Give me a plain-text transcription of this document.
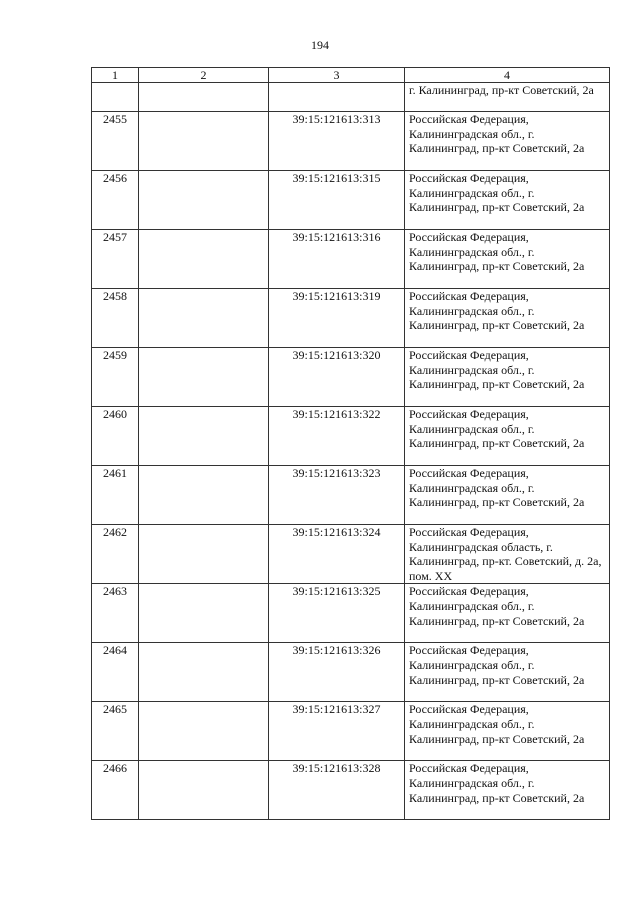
194
1	2	3	4
			г. Калининград, пр-кт Советский, 2а
2455		39:15:121613:313	Российская Федерация, Калининградская обл., г. Калининград, пр-кт Советский, 2а
2456		39:15:121613:315	Российская Федерация, Калининградская обл., г. Калининград, пр-кт Советский, 2а
2457		39:15:121613:316	Российская Федерация, Калининградская обл., г. Калининград, пр-кт Советский, 2а
2458		39:15:121613:319	Российская Федерация, Калининградская обл., г. Калининград, пр-кт Советский, 2а
2459		39:15:121613:320	Российская Федерация, Калининградская обл., г. Калининград, пр-кт Советский, 2а
2460		39:15:121613:322	Российская Федерация, Калининградская обл., г. Калининград, пр-кт Советский, 2а
2461		39:15:121613:323	Российская Федерация, Калининградская обл., г. Калининград, пр-кт Советский, 2а
2462		39:15:121613:324	Российская Федерация, Калининградская область, г. Калининград, пр-кт. Советский, д. 2а, пом. XX
2463		39:15:121613:325	Российская Федерация, Калининградская обл., г. Калининград, пр-кт Советский, 2а
2464		39:15:121613:326	Российская Федерация, Калининградская обл., г. Калининград, пр-кт Советский, 2а
2465		39:15:121613:327	Российская Федерация, Калининградская обл., г. Калининград, пр-кт Советский, 2а
2466		39:15:121613:328	Российская Федерация, Калининградская обл., г. Калининград, пр-кт Советский, 2а
